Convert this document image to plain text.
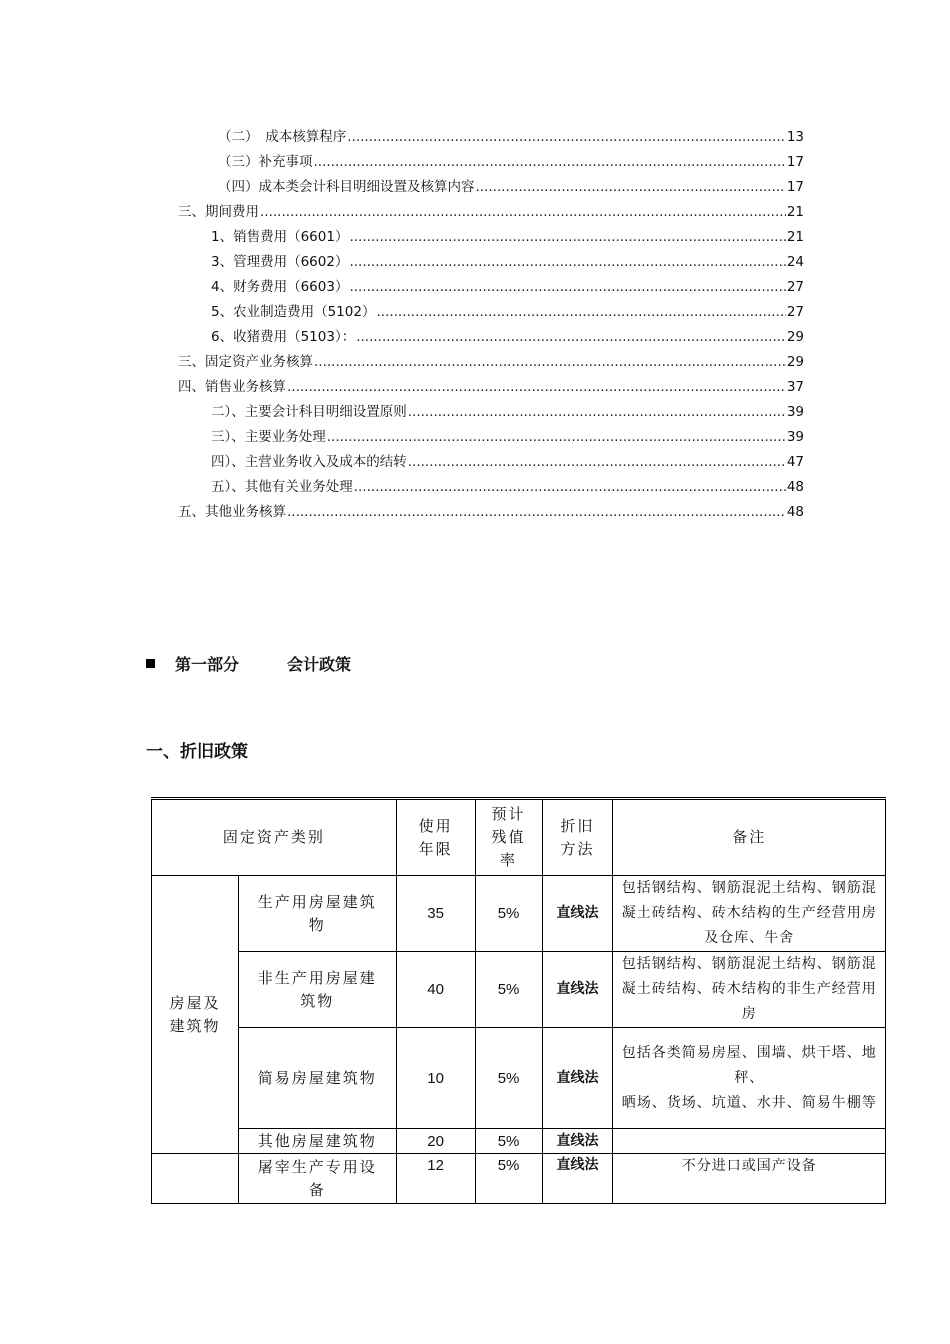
（二）　成本核算程序 .....	13
（三）补充事项 .....	17
（四）成本类会计科目明细设置及核算内容 .....	17
三、期间费用 .....	21
1、销售费用（6601） .....	21
3、管理费用（6602） .....	24
4、财务费用（6603） .....	27
5、农业制造费用（5102） .....	27
6、收猪费用（5103）： .....	29
三、固定资产业务核算 .....	29
四、销售业务核算 .....	37
二）、主要会计科目明细设置原则 .....	39
三）、主要业务处理 .....	39
四）、主营业务收入及成本的结转 .....	47
五）、其他有关业务处理 .....	48
五、其他业务核算 .....	48
第一部分	会计政策
一、折旧政策
固定资产类别		使用年限	预计残值率	折旧方法	备注
房屋及建筑物	生产用房屋建筑物	35	5%	直线法	包括钢结构、钢筋混泥土结构、钢筋混凝土砖结构、砖木结构的生产经营用房及仓库、牛舍
	非生产用房屋建筑物	40	5%	直线法	包括钢结构、钢筋混泥土结构、钢筋混凝土砖结构、砖木结构的非生产经营用房
	简易房屋建筑物	10	5%	直线法	包括各类简易房屋、围墙、烘干塔、地秤、
晒场、货场、坑道、水井、简易牛棚等

	其他房屋建筑物	20	5%	直线法	
	屠宰生产专用设备	12	5%	直线法	不分进口或国产设备
